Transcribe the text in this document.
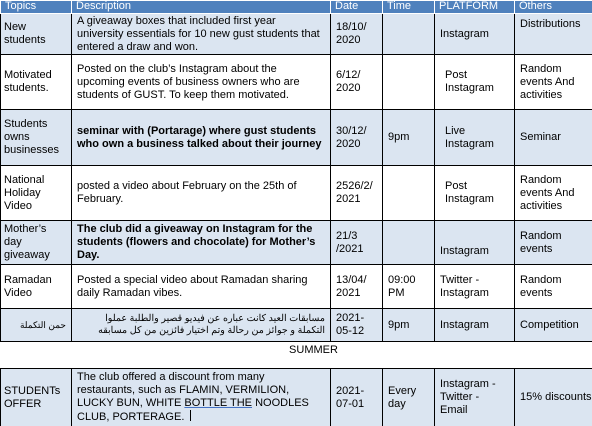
Topics	Description	Date	Time	PLATFORM	Others
New students	A giveaway boxes that included first year university essentials for 10 new gust students that entered a draw and won.	18/10/ 2020		Instagram	Distributions
Motivated students.	Posted on the club’s Instagram about the upcoming events of business owners who are students of GUST. To keep them motivated.	6/12/ 2020		Post Instagram	Random events And activities
Students owns businesses	seminar with (Portarage) where gust students who own a business talked about their journey	30/12/ 2020	9pm	Live Instagram	Seminar
National Holiday Video	posted a video about February on the 25th of February.	2526/2/ 2021		Post Instagram	Random events And activities
Mother’s day giveaway	The club did a giveaway on Instagram for the students (flowers and chocolate) for Mother’s Day.	21/3 /2021		Instagram	Random events
Ramadan Video	Posted a special video about Ramadan sharing daily Ramadan vibes.	13/04/ 2021	09:00 PM	Twitter - Instagram	Random events
حمن التكملة	مسابقات العيد كانت عباره عن فيديو قصير والطلبة عملوا التكملة و جوائز من رحالة وتم اختيار فائزين من كل مسابقه	2021-05-12	9pm	Instagram	Competition
SUMMER					
STUDENTs OFFER	The club offered a discount from many restaurants, such as FLAMIN, VERMILION, LUCKY BUN, WHITE BOTTLE THE NOODLES CLUB, PORTERAGE.	2021-07-01	Every day	Instagram - Twitter - Email	15% discounts
